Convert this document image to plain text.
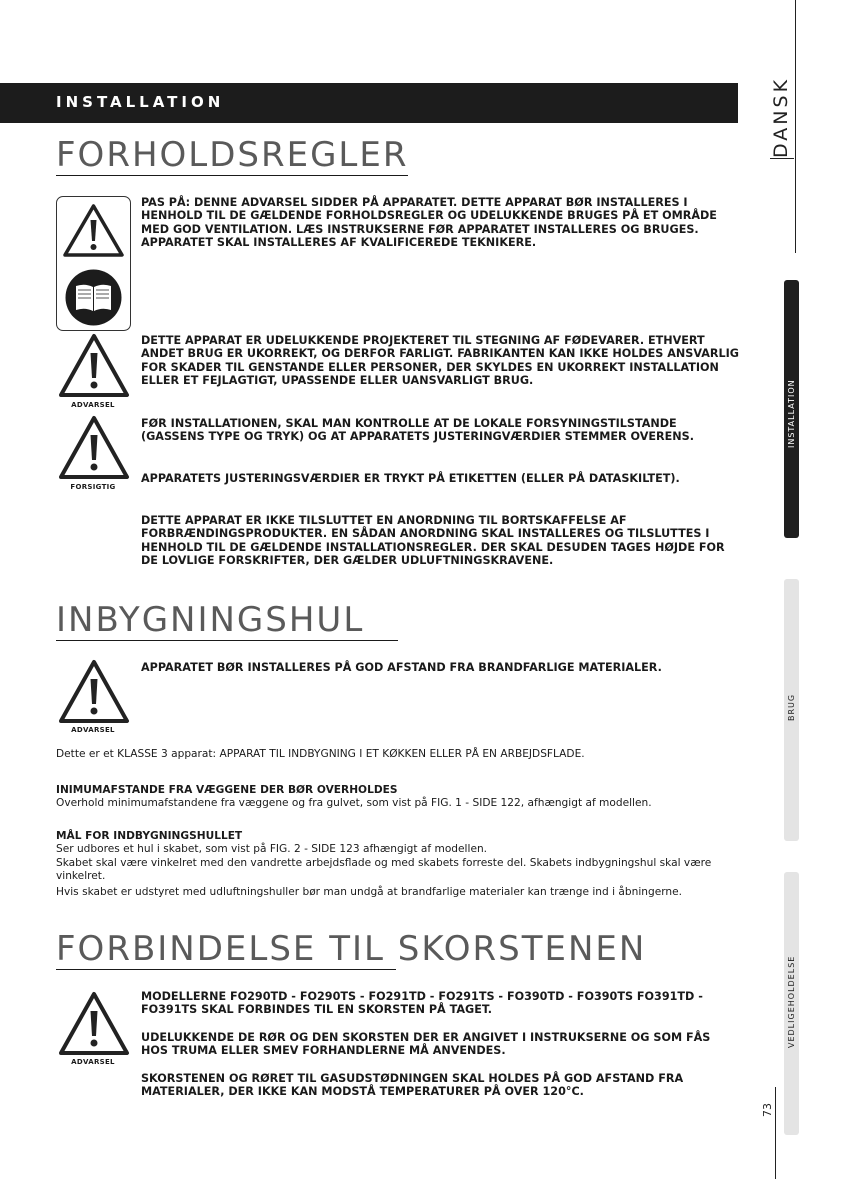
INSTALLATION
FORHOLDSREGLER
PAS PÅ: DENNE ADVARSEL SIDDER PÅ APPARATET. DETTE APPARAT BØR INSTALLERES I HENHOLD TIL DE GÆLDENDE FORHOLDSREGLER OG UDELUKKENDE BRUGES PÅ ET OMRÅDE MED GOD VENTILATION. LÆS INSTRUKSERNE FØR APPARATET INSTALLERES OG BRUGES. APPARATET SKAL INSTALLERES AF KVALIFICEREDE TEKNIKERE.
ADVARSEL
DETTE APPARAT ER UDELUKKENDE PROJEKTERET TIL STEGNING AF FØDEVARER. ETHVERT ANDET BRUG ER UKORREKT, OG DERFOR FARLIGT. FABRIKANTEN KAN IKKE HOLDES ANSVARLIG FOR SKADER TIL GENSTANDE ELLER PERSONER, DER SKYLDES EN UKORREKT INSTALLATION ELLER ET FEJLAGTIGT, UPASSENDE ELLER UANSVARLIGT BRUG.
FORSIGTIG
FØR INSTALLATIONEN, SKAL MAN KONTROLLE AT DE LOKALE FORSYNINGSTILSTANDE (GASSENS TYPE OG TRYK) OG AT APPARATETS JUSTERINGVÆRDIER STEMMER OVERENS.
APPARATETS JUSTERINGSVÆRDIER ER TRYKT PÅ ETIKETTEN (ELLER PÅ DATASKILTET).
DETTE APPARAT ER IKKE TILSLUTTET EN ANORDNING TIL BORTSKAFFELSE AF FORBRÆNDINGSPRODUKTER. EN SÅDAN ANORDNING SKAL INSTALLERES OG TILSLUTTES I HENHOLD TIL DE GÆLDENDE INSTALLATIONSREGLER. DER SKAL DESUDEN TAGES HØJDE FOR DE LOVLIGE FORSKRIFTER, DER GÆLDER UDLUFTNINGSKRAVENE.
INBYGNINGSHUL
ADVARSEL
APPARATET BØR INSTALLERES PÅ GOD AFSTAND FRA BRANDFARLIGE MATERIALER.
Dette er et KLASSE 3 apparat: APPARAT TIL INDBYGNING I ET KØKKEN ELLER PÅ EN ARBEJDSFLADE.
INIMUMAFSTANDE FRA VÆGGENE DER BØR OVERHOLDES
Overhold minimumafstandene fra væggene og fra gulvet, som vist på FIG. 1 - SIDE 122, afhængigt af modellen.
MÅL FOR INDBYGNINGSHULLET
Ser udbores et hul i skabet, som vist på FIG. 2 - SIDE 123 afhængigt af modellen.
Skabet skal være vinkelret med den vandrette arbejdsflade og med skabets forreste del. Skabets indbygningshul skal være vinkelret.
Hvis skabet er udstyret med udluftningshuller bør man undgå at brandfarlige materialer kan trænge ind i åbningerne.
FORBINDELSE TIL SKORSTENEN
ADVARSEL
MODELLERNE FO290TD - FO290TS - FO291TD - FO291TS - FO390TD - FO390TS FO391TD - FO391TS SKAL FORBINDES TIL EN SKORSTEN PÅ TAGET.
UDELUKKENDE DE RØR OG DEN SKORSTEN DER ER ANGIVET I INSTRUKSERNE OG SOM FÅS HOS TRUMA ELLER SMEV FORHANDLERNE MÅ ANVENDES.
SKORSTENEN OG RØRET TIL GASUDSTØDNINGEN SKAL HOLDES PÅ GOD AFSTAND FRA MATERIALER, DER IKKE KAN MODSTÅ TEMPERATURER PÅ OVER 120°C.
DANSK
INSTALLATION
BRUG
VEDLIGEHOLDELSE
73
